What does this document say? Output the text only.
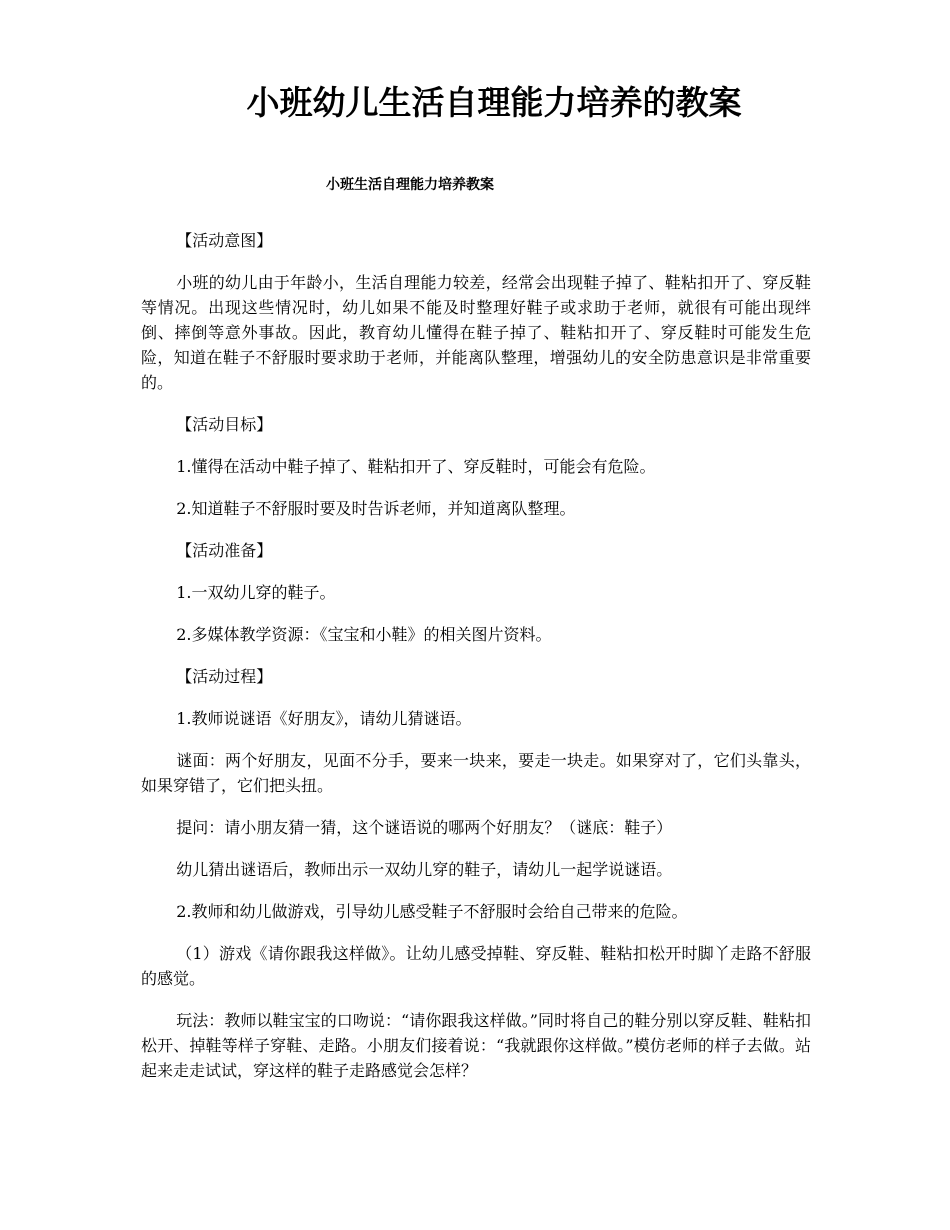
小班幼儿生活自理能力培养的教案
小班生活自理能力培养教案

【活动意图】

小班的幼儿由于年龄小，生活自理能力较差，经常会出现鞋子掉了、鞋粘扣开了、穿反鞋等情况。出现这些情况时，幼儿如果不能及时整理好鞋子或求助于老师，就很有可能出现绊倒、摔倒等意外事故。因此，教育幼儿懂得在鞋子掉了、鞋粘扣开了、穿反鞋时可能发生危险，知道在鞋子不舒服时要求助于老师，并能离队整理，增强幼儿的安全防患意识是非常重要的。

【活动目标】

1.懂得在活动中鞋子掉了、鞋粘扣开了、穿反鞋时，可能会有危险。

2.知道鞋子不舒服时要及时告诉老师，并知道离队整理。

【活动准备】

1.一双幼儿穿的鞋子。

2.多媒体教学资源：《宝宝和小鞋》的相关图片资料。

【活动过程】

1.教师说谜语《好朋友》，请幼儿猜谜语。

谜面：两个好朋友，见面不分手，要来一块来，要走一块走。如果穿对了，它们头靠头，如果穿错了，它们把头扭。

提问：请小朋友猜一猜，这个谜语说的哪两个好朋友？（谜底：鞋子）

幼儿猜出谜语后，教师出示一双幼儿穿的鞋子，请幼儿一起学说谜语。

2.教师和幼儿做游戏，引导幼儿感受鞋子不舒服时会给自己带来的危险。

（1）游戏《请你跟我这样做》。让幼儿感受掉鞋、穿反鞋、鞋粘扣松开时脚丫走路不舒服的感觉。

玩法：教师以鞋宝宝的口吻说：“请你跟我这样做。”同时将自己的鞋分别以穿反鞋、鞋粘扣松开、掉鞋等样子穿鞋、走路。小朋友们接着说：“我就跟你这样做。”模仿老师的样子去做。站起来走走试试，穿这样的鞋子走路感觉会怎样？
